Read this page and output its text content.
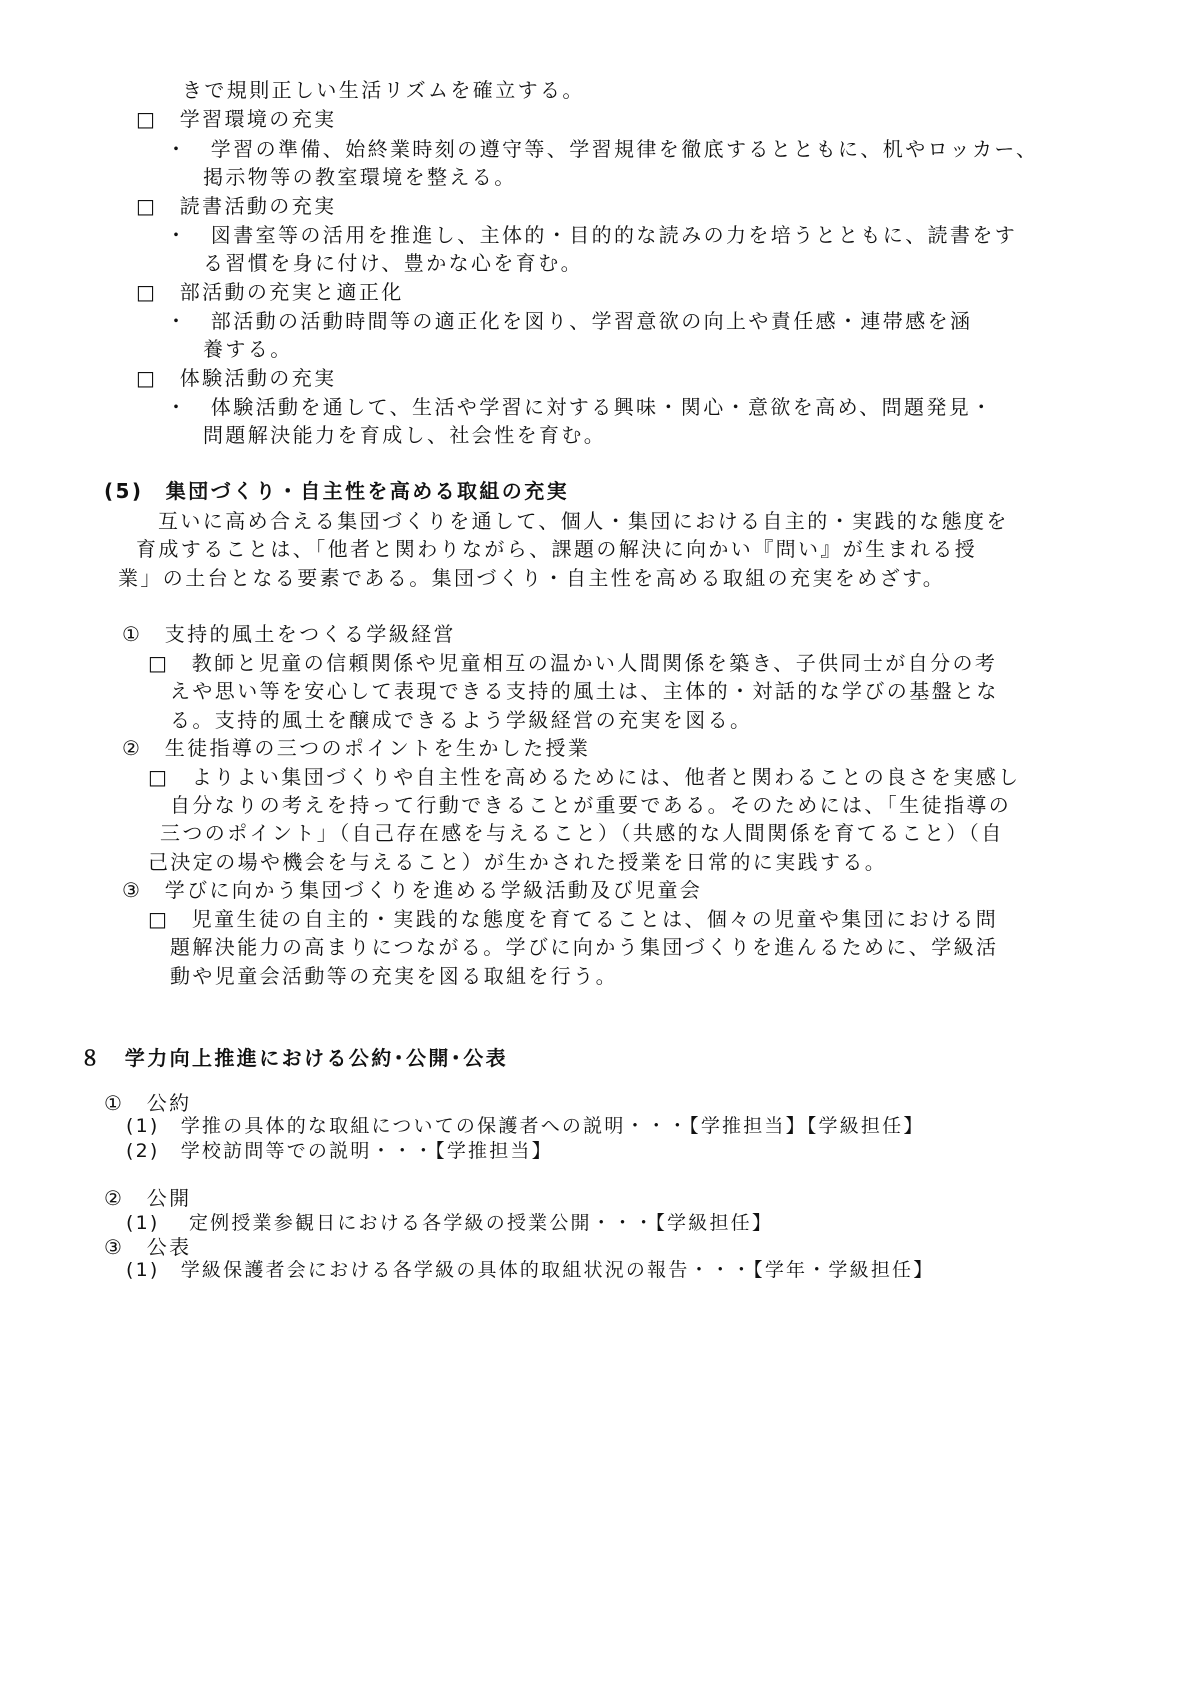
きで規則正しい生活リズムを確立する。
□　学習環境の充実
・　学習の準備、始終業時刻の遵守等、学習規律を徹底するとともに、机やロッカー、
掲示物等の教室環境を整える。
□　読書活動の充実
・　図書室等の活用を推進し、主体的・目的的な読みの力を培うとともに、読書をす
る習慣を身に付け、豊かな心を育む。
□　部活動の充実と適正化
・　部活動の活動時間等の適正化を図り、学習意欲の向上や責任感・連帯感を涵
養する。
□　体験活動の充実
・　体験活動を通して、生活や学習に対する興味・関心・意欲を高め、問題発見・
問題解決能力を育成し、社会性を育む。
(5)　集団づくり・自主性を高める取組の充実
互いに高め合える集団づくりを通して、個人・集団における自主的・実践的な態度を
育成することは、「他者と関わりながら、課題の解決に向かい『問い』が生まれる授
業」の土台となる要素である。集団づくり・自主性を高める取組の充実をめざす。
①　支持的風土をつくる学級経営
□　教師と児童の信頼関係や児童相互の温かい人間関係を築き、子供同士が自分の考
えや思い等を安心して表現できる支持的風土は、主体的・対話的な学びの基盤とな
る。支持的風土を醸成できるよう学級経営の充実を図る。
②　生徒指導の三つのポイントを生かした授業
□　よりよい集団づくりや自主性を高めるためには、他者と関わることの良さを実感し
自分なりの考えを持って行動できることが重要である。そのためには、「生徒指導の
三つのポイント」（自己存在感を与えること）（共感的な人間関係を育てること）（自
己決定の場や機会を与えること）が生かされた授業を日常的に実践する。
③　学びに向かう集団づくりを進める学級活動及び児童会
□　児童生徒の自主的・実践的な態度を育てることは、個々の児童や集団における問
題解決能力の高まりにつながる。学びに向かう集団づくりを進んるために、学級活
動や児童会活動等の充実を図る取組を行う。
８　学力向上推進における公約･公開･公表
①　公約
(1)　学推の具体的な取組についての保護者への説明・・・【学推担当】【学級担任】
(2)　学校訪問等での説明・・・【学推担当】
②　公開
(1)　 定例授業参観日における各学級の授業公開・・・【学級担任】
③　公表
(1)　学級保護者会における各学級の具体的取組状況の報告・・・【学年・学級担任】
